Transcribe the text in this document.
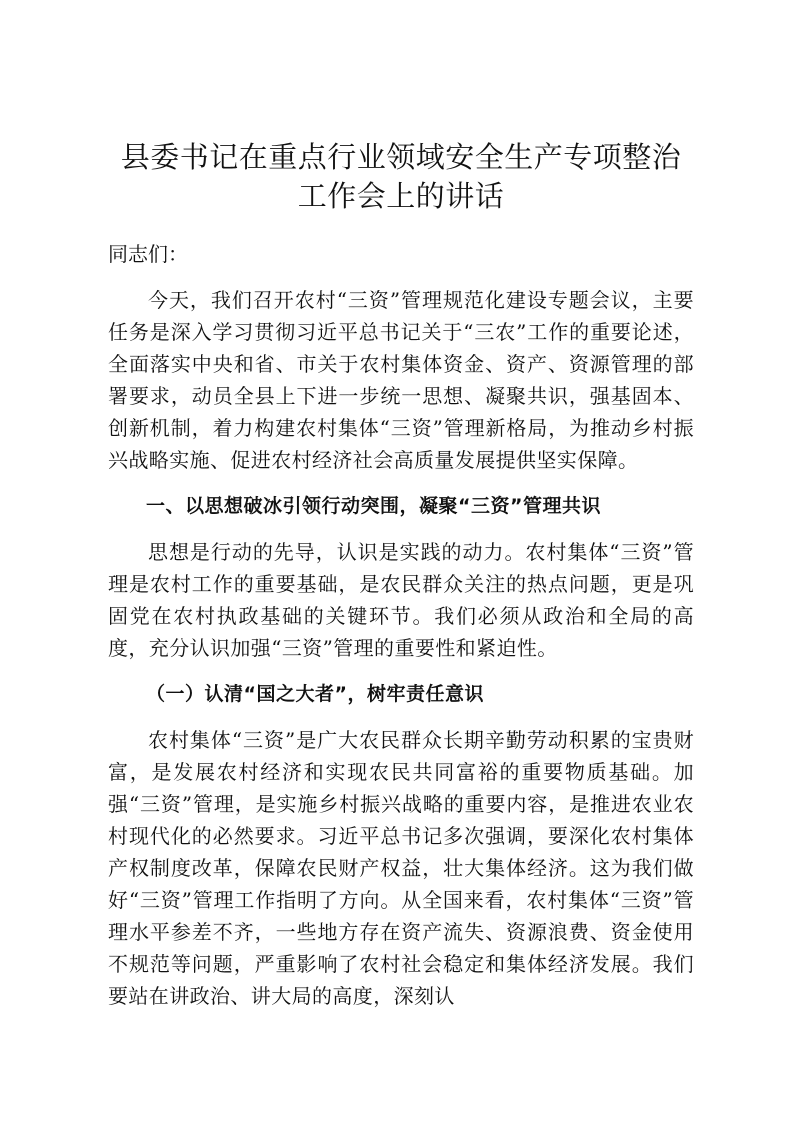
县委书记在重点行业领域安全生产专项整治工作会上的讲话

同志们：

今天，我们召开农村“三资”管理规范化建设专题会议，主要任务是深入学习贯彻习近平总书记关于“三农”工作的重要论述，全面落实中央和省、市关于农村集体资金、资产、资源管理的部署要求，动员全县上下进一步统一思想、凝聚共识，强基固本、创新机制，着力构建农村集体“三资”管理新格局，为推动乡村振兴战略实施、促进农村经济社会高质量发展提供坚实保障。

一、以思想破冰引领行动突围，凝聚“三资”管理共识

思想是行动的先导，认识是实践的动力。农村集体“三资”管理是农村工作的重要基础，是农民群众关注的热点问题，更是巩固党在农村执政基础的关键环节。我们必须从政治和全局的高度，充分认识加强“三资”管理的重要性和紧迫性。

（一）认清“国之大者”，树牢责任意识

农村集体“三资”是广大农民群众长期辛勤劳动积累的宝贵财富，是发展农村经济和实现农民共同富裕的重要物质基础。加强“三资”管理，是实施乡村振兴战略的重要内容，是推进农业农村现代化的必然要求。习近平总书记多次强调，要深化农村集体产权制度改革，保障农民财产权益，壮大集体经济。这为我们做好“三资”管理工作指明了方向。从全国来看，农村集体“三资”管理水平参差不齐，一些地方存在资产流失、资源浪费、资金使用不规范等问题，严重影响了农村社会稳定和集体经济发展。我们要站在讲政治、讲大局的高度，深刻认
